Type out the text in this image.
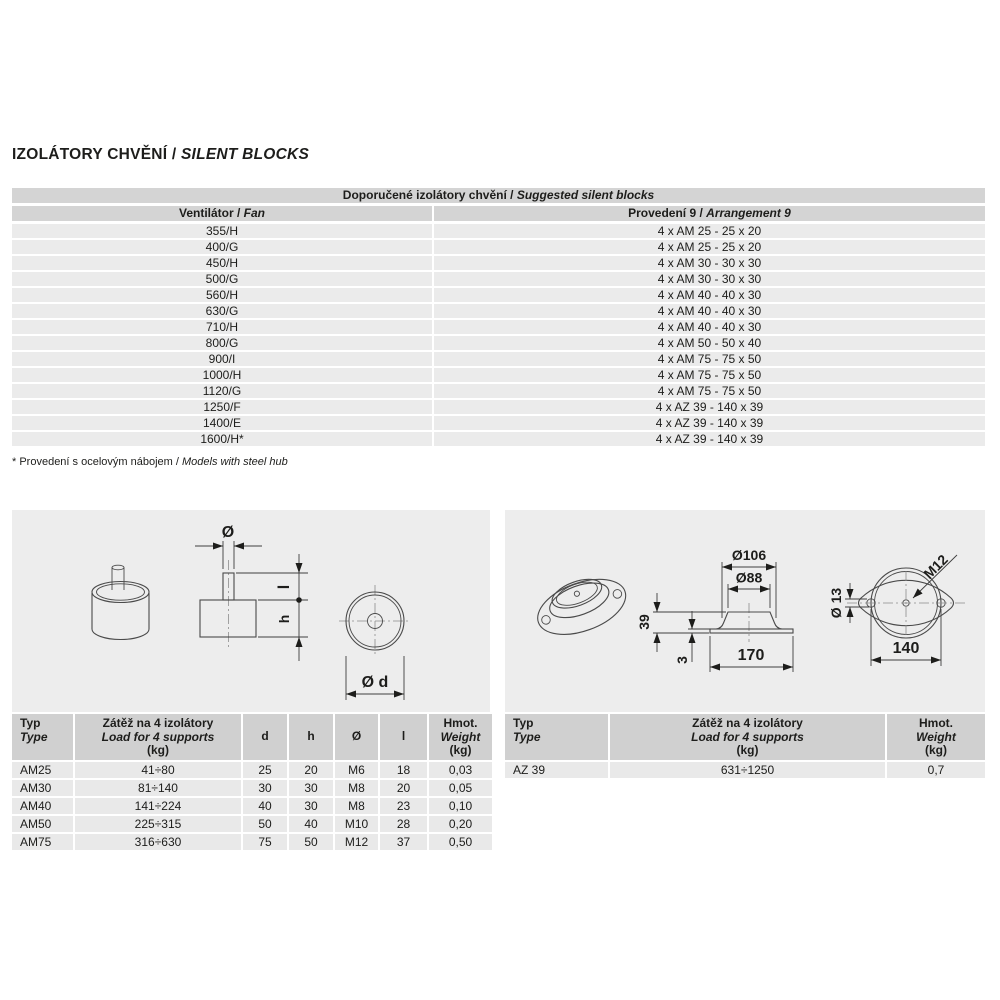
IZOLÁTORY CHVĚNÍ / SILENT BLOCKS
Doporučené izolátory chvění / Suggested silent blocks
Ventilátor / Fan	Provedení 9 / Arrangement 9
355/H	4 x AM 25 - 25 x 20
400/G	4 x AM 25 - 25 x 20
450/H	4 x AM 30 - 30 x 30
500/G	4 x AM 30 - 30 x 30
560/H	4 x AM 40 - 40 x 30
630/G	4 x AM 40 - 40 x 30
710/H	4 x AM 40 - 40 x 30
800/G	4 x AM 50 - 50 x 40
900/I	4 x AM 75 - 75 x 50
1000/H	4 x AM 75 - 75 x 50
1120/G	4 x AM 75 - 75 x 50
1250/F	4 x AZ 39 - 140 x 39
1400/E	4 x AZ 39 - 140 x 39
1600/H*	4 x AZ 39 - 140 x 39
* Provedení s ocelovým nábojem / Models with steel hub
Ø
l
h
Ø d
Ø106
Ø88
39
3	170
M12
Ø 13
140
Typ
Type
Zátěž na 4 izolátory
Load for 4 supports
(kg)
d	h	Ø	l
Hmot.
Weight
(kg)
AM25	41÷80	25	20	M6	18	0,03
AM30	81÷140	30	30	M8	20	0,05
AM40	141÷224	40	30	M8	23	0,10
AM50	225÷315	50	40	M10	28	0,20
AM75	316÷630	75	50	M12	37	0,50
Typ
Type
Zátěž na 4 izolátory
Load for 4 supports
(kg)
Hmot.
Weight
(kg)
AZ 39	631÷1250	0,7
